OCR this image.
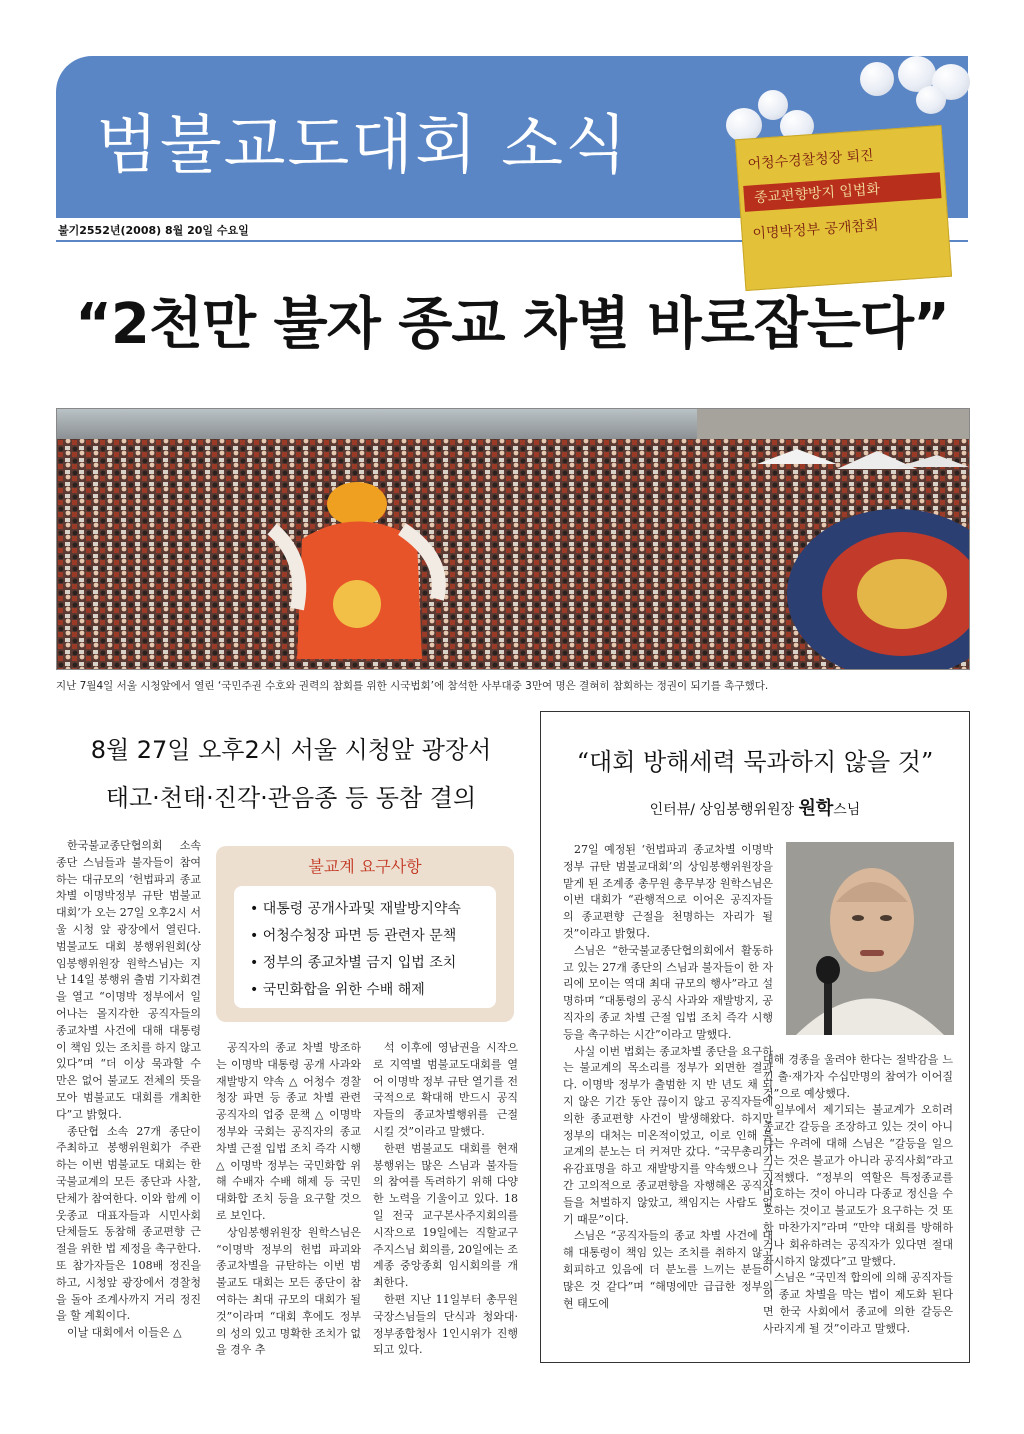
범불교도대회 소식
불기2552년(2008) 8월 20일 수요일
어청수경찰청장 퇴진
종교편향방지 입법화
이명박정부 공개참회
“2천만 불자 종교 차별 바로잡는다”
지난 7월4일 서울 시청앞에서 열린 ‘국민주권 수호와 권력의 참회를 위한 시국법회’에 참석한 사부대중 3만여 명은 결혀히 참회하는 정권이 되기를 촉구했다.
8월 27일 오후2시 서울 시청앞 광장서
태고·천태·진각·관음종 등 동참 결의

한국불교종단협의회 소속 종단 스님들과 불자들이 참여하는 대규모의 ‘헌법파괴 종교차별 이명박정부 규탄 범불교대회’가 오는 27일 오후2시 서울 시청 앞 광장에서 열린다. 범불교도 대회 봉행위원회(상임봉행위원장 원학스님)는 지난 14일 봉행위 출범 기자회견을 열고 “이명박 정부에서 일어나는 몰지각한 공직자들의 종교차별 사건에 대해 대통령이 책임 있는 조치를 하지 않고 있다”며 “더 이상 묵과할 수 만은 없어 불교도 전체의 뜻을 모아 범불교도 대회를 개최한다”고 밝혔다.

종단협 소속 27개 종단이 주최하고 봉행위원회가 주관하는 이번 범불교도 대회는 한국불교계의 모든 종단과 사찰, 단체가 참여한다. 이와 함께 이웃종교 대표자들과 시민사회단체들도 동참해 종교편향 근절을 위한 법 제정을 촉구한다. 또 참가자들은 108배 정진을 하고, 시청앞 광장에서 경찰청을 돌아 조계사까지 거리 정진을 할 계획이다.

이날 대회에서 이들은 △

불교계 요구사항
• 대통령 공개사과및 재발방지약속
• 어청수청장 파면 등 관련자 문책
• 정부의 종교차별 금지 입법 조치
• 국민화합을 위한 수배 해제

공직자의 종교 차별 방조하는 이명박 대통령 공개 사과와 재발방지 약속 △ 어청수 경찰청장 파면 등 종교 차별 관련 공직자의 업중 문책 △ 이명박 정부와 국회는 공직자의 종교 차별 근절 입법 조치 즉각 시행 △ 이명박 정부는 국민화합 위해 수배자 수배 해제 등 국민 대화합 조치 등을 요구할 것으로 보인다.

상임봉행위원장 원학스님은 “이명박 정부의 헌법 파괴와 종교차별을 규탄하는 이번 범불교도 대회는 모든 종단이 참여하는 최대 규모의 대회가 될 것”이라며 “대회 후에도 정부의 성의 있고 명확한 조치가 없을 경우 추

석 이후에 영남권을 시작으로 지역별 범불교도대회를 열어 이명박 정부 규탄 열기를 전국적으로 확대해 반드시 공직자들의 종교차별행위를 근절시킬 것”이라고 말했다.

한편 범불교도 대회를 현재 봉행위는 많은 스님과 불자들의 참여를 독려하기 위해 다양한 노력을 기울이고 있다. 18일 전국 교구본사주지회의를 시작으로 19일에는 직할교구주지스님 회의를, 20일에는 조계종 중앙종회 임시회의를 개최한다.

한편 지난 11일부터 총무원 국장스님들의 단식과 청와대·정부종합청사 1인시위가 진행되고 있다.

“대회 방해세력 묵과하지 않을 것”
인터뷰/ 상임봉행위원장 원학스님

27일 예정된 ‘헌법파괴 종교차별 이명박정부 규탄 범불교대회’의 상임봉행위원장을 맡게 된 조계종 총무원 총무부장 원학스님은 이번 대회가 “관행적으로 이어온 공직자들의 종교편향 근절을 천명하는 자리가 될 것”이라고 밝혔다.

스님은 “한국불교종단협의회에서 활동하고 있는 27개 종단의 스님과 불자들이 한 자리에 모이는 역대 최대 규모의 행사”라고 설명하며 “대통령의 공식 사과와 재발방지, 공직자의 종교 차별 근절 입법 조치 즉각 시행 등을 촉구하는 시간”이라고 말했다.

사실 이번 법회는 종교차별 종단을 요구하는 불교계의 목소리를 정부가 외면한 결과다. 이명박 정부가 출범한 지 반 년도 채 되지 않은 기간 동안 끊이지 않고 공직자들에 의한 종교편향 사건이 발생해왔다. 하지만 정부의 대처는 미온적이었고, 이로 인해 불교계의 분노는 더 커져만 갔다. “국무총리가 유감표명을 하고 재발방지를 약속했으나 그간 고의적으로 종교편향을 자행해온 공직자들을 처벌하지 않았고, 책임지는 사람도 없기 때문”이다.

스님은 “공직자들의 종교 차별 사건에 대해 대통령이 책임 있는 조치를 취하지 않고 회피하고 있음에 더 분노를 느끼는 분들이 많은 것 같다”며 “해명에만 급급한 정부의 현 태도에

대해 경종을 울려야 한다는 절박감을 느낀 출·재가자 수십만명의 참여가 이어질 것”으로 예상했다.

일부에서 제기되는 불교계가 오히려 종교간 갈등을 조장하고 있는 것이 아니냐는 우려에 대해 스님은 “갈등을 일으키는 것은 불교가 아니라 공직사회”라고 지적했다. “정부의 역할은 특정종교를 비호하는 것이 아니라 다종교 정신을 수호하는 것이고 불교도가 요구하는 것 또한 마찬가지”라며 “만약 대회를 방해하거나 회유하려는 공직자가 있다면 절대 좌시하지 않겠다”고 말했다.

스님은 “국민적 합의에 의해 공직자들의 종교 차별을 막는 법이 제도화 된다면 한국 사회에서 종교에 의한 갈등은 사라지게 될 것”이라고 말했다.
